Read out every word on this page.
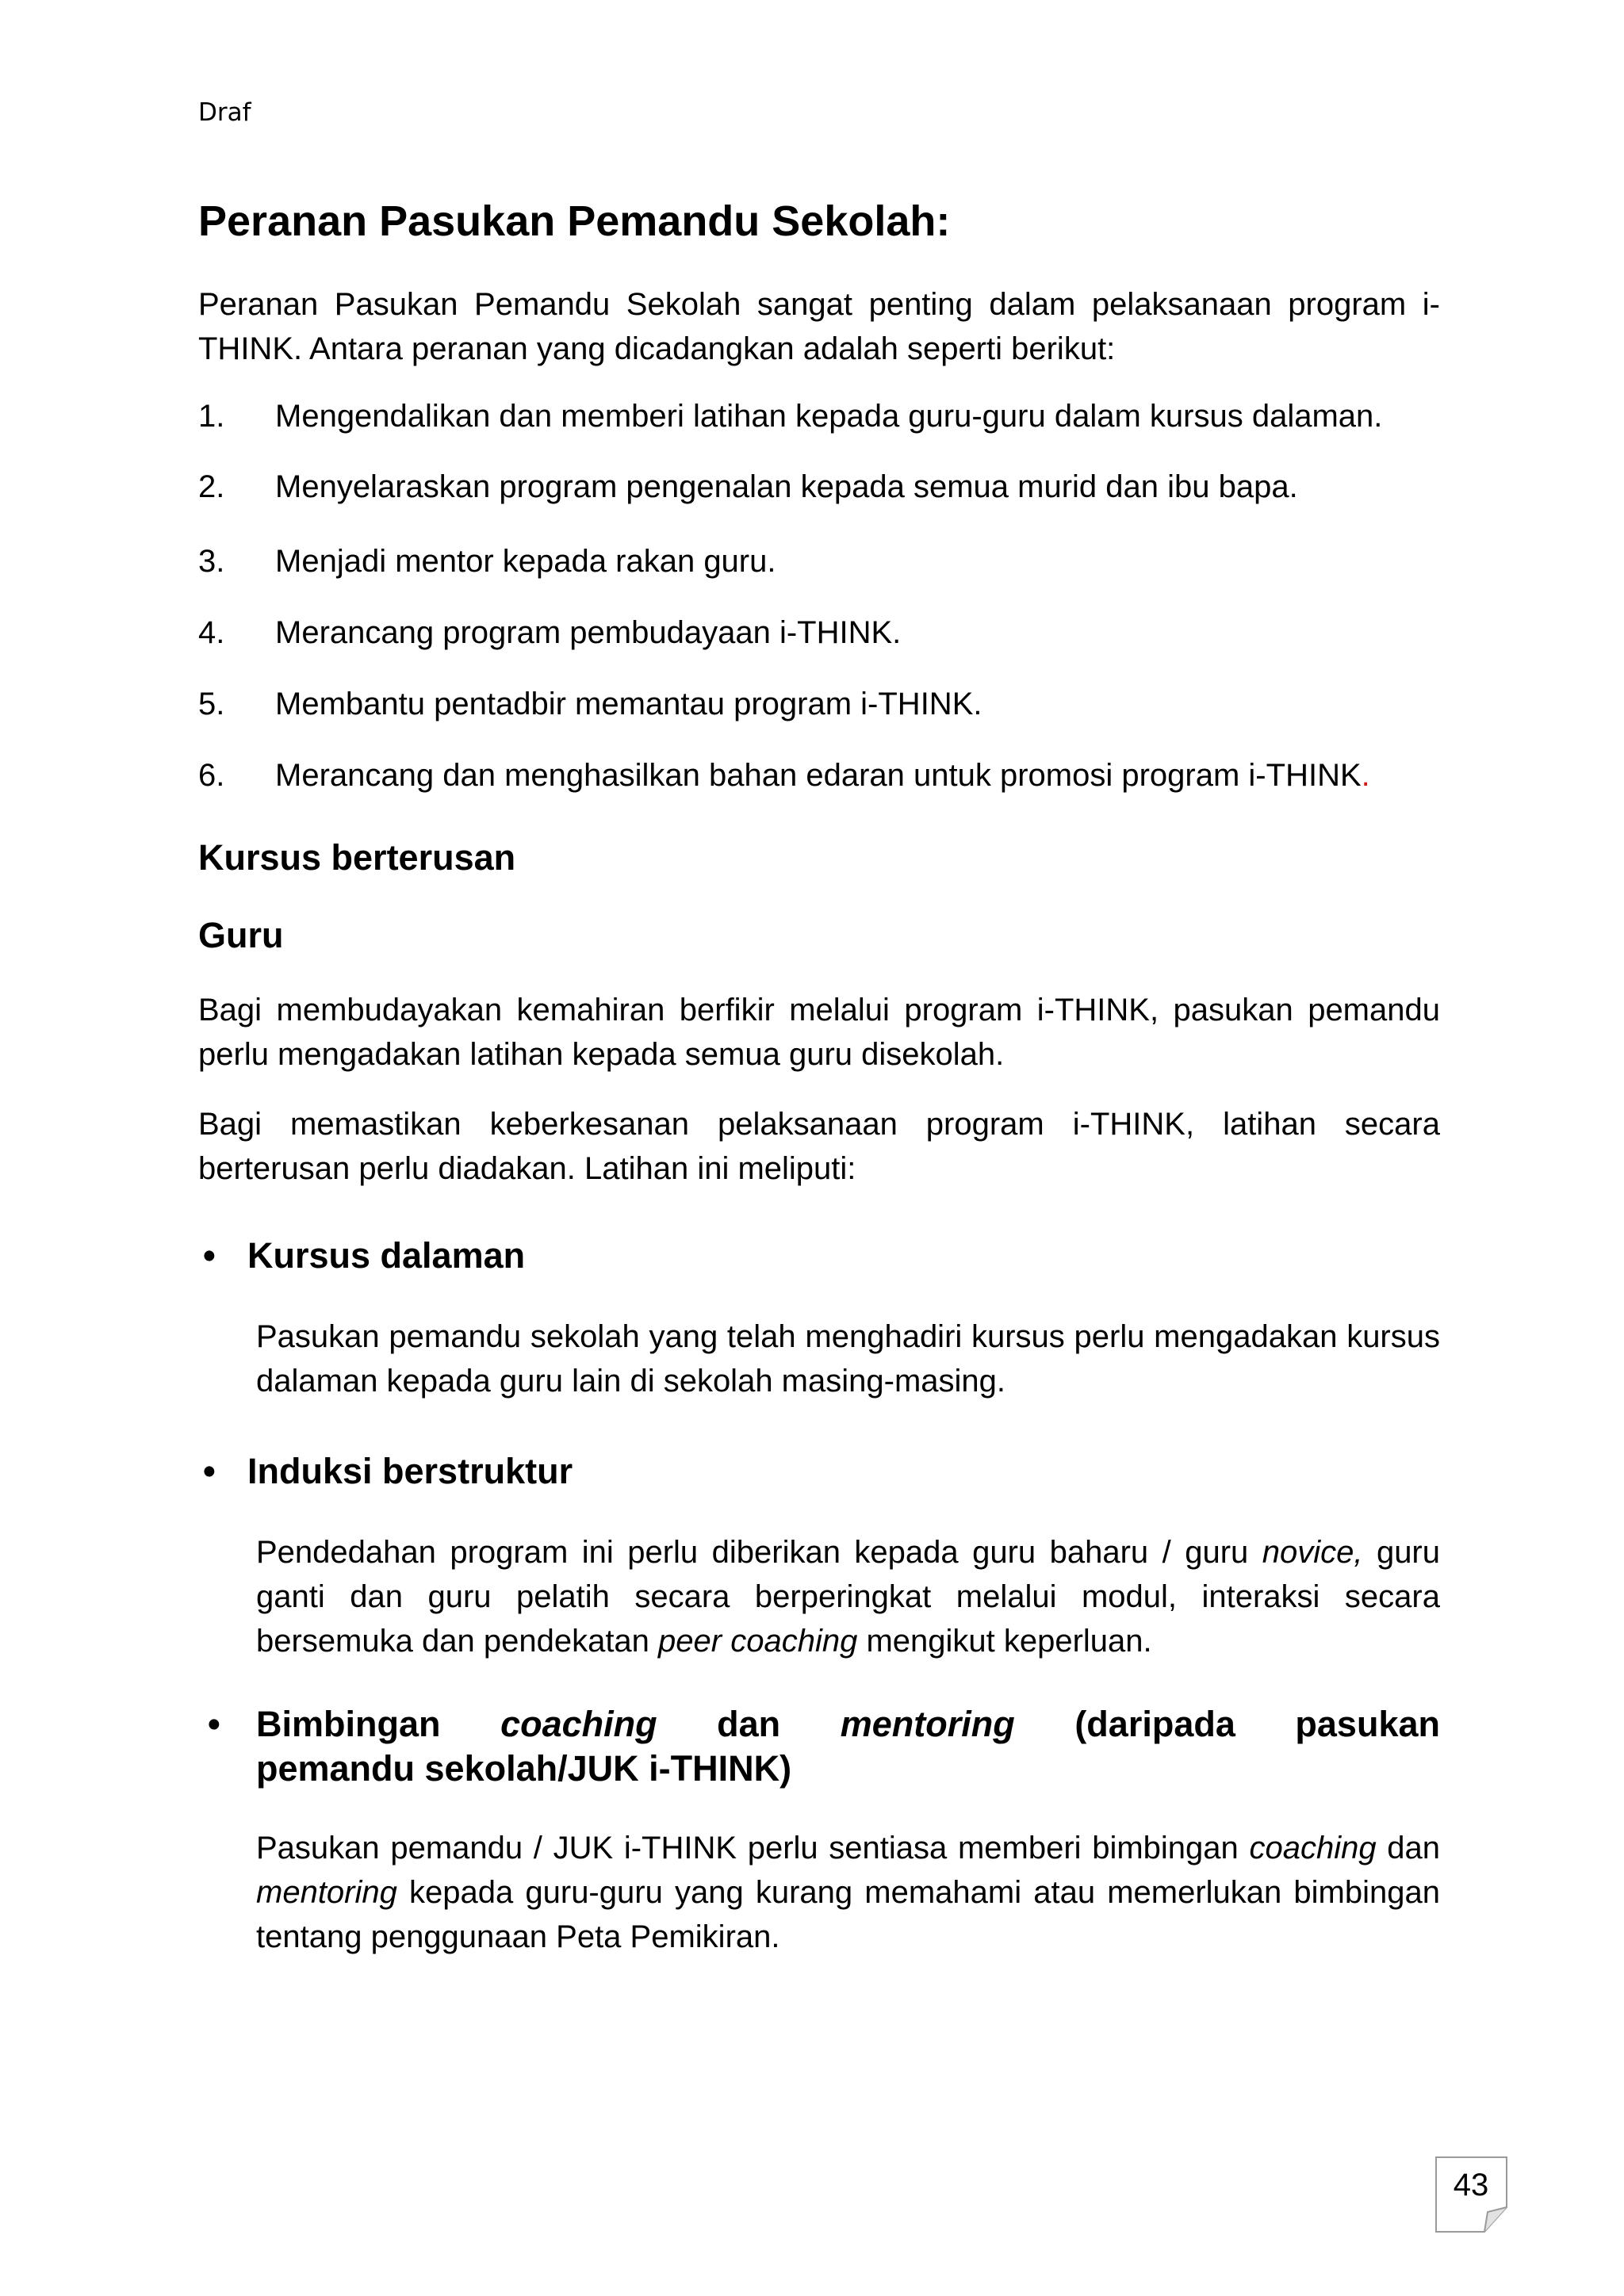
Draf
Peranan Pasukan Pemandu Sekolah:

Peranan Pasukan Pemandu Sekolah sangat penting dalam pelaksanaan program i-THINK. Antara peranan yang dicadangkan adalah seperti berikut:

1. Mengendalikan dan memberi latihan kepada guru-guru dalam kursus dalaman.
2. Menyelaraskan program pengenalan kepada semua murid dan ibu bapa.
3. Menjadi mentor kepada rakan guru.
4. Merancang program pembudayaan i-THINK.
5. Membantu pentadbir memantau program i-THINK.
6. Merancang dan menghasilkan bahan edaran untuk promosi program i-THINK.
Kursus berterusan
Guru

Bagi membudayakan kemahiran berfikir melalui program i-THINK, pasukan pemandu perlu mengadakan latihan kepada semua guru disekolah.

Bagi memastikan keberkesanan pelaksanaan program i-THINK, latihan secara berterusan perlu diadakan. Latihan ini meliputi:

• Kursus dalaman

Pasukan pemandu sekolah yang telah menghadiri kursus perlu mengadakan kursus dalaman kepada guru lain di sekolah masing-masing.

• Induksi berstruktur

Pendedahan program ini perlu diberikan kepada guru baharu / guru novice, guru ganti dan guru pelatih secara berperingkat melalui modul, interaksi secara bersemuka dan pendekatan peer coaching mengikut keperluan.

• Bimbingan coaching dan mentoring (daripada pasukan
pemandu sekolah/JUK i-THINK)

Pasukan pemandu / JUK i-THINK perlu sentiasa memberi bimbingan coaching dan mentoring kepada guru-guru yang kurang memahami atau memerlukan bimbingan tentang penggunaan Peta Pemikiran.

43
